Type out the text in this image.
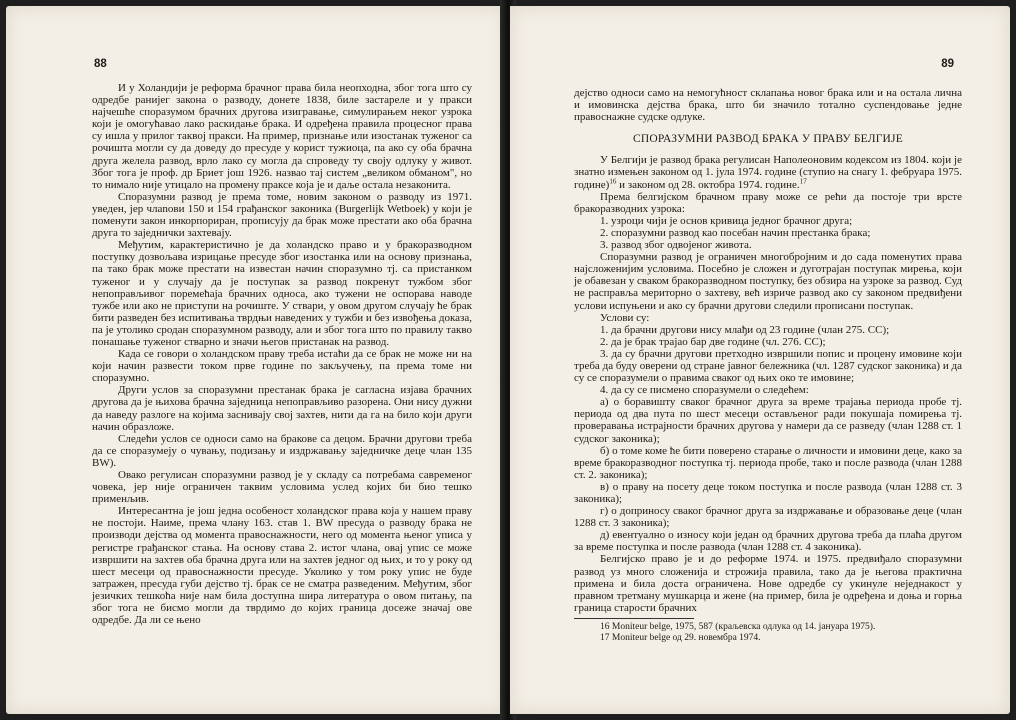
88

И у Холандији је реформа брачног права била неопходна, због тога што су одредбе ранијег закона о разводу, донете 1838, биле застареле и у пракси најчешће споразумом брачних другова изигравање, симулирањем неког узрока који је омогућавао лако раскидање брака. И одређена правила процесног права су ишла у прилог таквој пракси. На пример, признање или изостанак туженог са рочишта могли су да доведу до пресуде у корист тужиоца, па ако су оба брачна друга желела развод, врло лако су могла да спроведу ту своју одлуку у живот. Због тога је проф. др Бриет још 1926. назвао тај систем „великом обманом", но то нимало није утицало на промену праксе која је и даље остала незаконита.

Споразумни развод је према томе, новим законом о разводу из 1971. уведен, јер члanови 150 и 154 грађанског законика (Burgerlijk Wetboek) у који је поменути закон инкорпориран, прописују да брак може престати ако оба брачна друга то заједнички захтевају.

Међутим, карактеристично је да холандско право и у бракоразводном поступку дозвољава изрицање пресуде због изостанка или на основу признања, па тако брак може престати на известан начин споразумно тј. са пристанком туженог и у случају да је поступак за развод покренут тужбом због непоправљивог поремећаја брачних односа, ако тужени не оспорава наводе тужбе или ако не приступи на рочиште. У ствари, у овом другом случају ће брак бити разведен без испитивања тврдњи наведених у тужби и без извођења доказа, па је утолико сродан споразумном разводу, али и због тога што по правилу такво понашање туженог стварно и значи његов пристанак на развод.

Када се говори о холандском праву треба истаћи да се брак не може ни на који начин развести током прве године по закључењу, па према томе ни споразумно.

Други услов за споразумни престанак брака је сагласна изјава брачних другова да је њихова брачна заједница непоправљиво разорена. Они нису дужни да наведу разлоге на којима заснивају свој захтев, нити да га на било који други начин образложе.

Следећи услов се односи само на бракове са децом. Брачни другови треба да се споразумеју о чувању, подизању и издржавању заједничке деце члан 135 BW).

Овако регулисан споразумни развод је у складу са потребама савременог човека, јер није ограничен таквим условима услед којих би био тешко применљив.

Интересантна је још једна особеност холандског права која у нашем праву не постоји. Наиме, према члану 163. став 1. BW пресуда о разводу брака не производи дејства од момента правоснажности, него од момента њеног уписа у регистре грађанског стања. На основу става 2. истог члана, овај упис се може извршити на захтев оба брачна друга или на захтев једног од њих, и то у року од шест месеци од правоснажности пресуде. Уколико у том року упис не буде затражен, пресуда губи дејство тј. брак се не сматра разведеним. Међутим, због језичких тешкоћа није нам била доступна шира литература о овом питању, па због тога не бисмо могли да тврдимо до којих граница досеже значај ове одредбе. Да ли се њено

89

дејство односи само на немогућност склапања новог брака или и на остала лична и имовинска дејства брака, што би значило тотално суспендовање једне правоснажне судске одлуке.

СПОРАЗУМНИ РАЗВОД БРАКА У ПРАВУ БЕЛГИЈЕ

У Белгији је развод брака регулисан Наполеоновим кодексом из 1804. који је знатно измењен законом од 1. јула 1974. године (ступио на снагу 1. фебруара 1975. године)$^{16}$ и законом од 28. октобра 1974. године.$^{17}$

Према белгијском брачном праву може се рећи да постоје три врсте бракоразводних узрока:

1. узроци чији је основ кривица једног брачног друга;

2. споразумни развод као посебан начин престанка брака;

3. развод због одвојеног живота.

Споразумни развод је ограничен многобројним и до сада поменутих права најсложенијим условима. Посебно је сложен и дуготрајан поступак мирења, који је обавезан у сваком бракоразводном поступку, без обзира на узроке за развод. Суд не расправља мериторно о захтеву, већ изриче развод ако су законом предвиђени услови испуњени и ако су брачни другови следили прописани поступак.

Услови су:

1. да брачни другови нису млађи од 23 године (члан 275. СС);

2. да је брак трајао бар две године (чл. 276. СС);

3. да су брачни другови претходно извршили попис и процену имовине који треба да буду оверени од стране јавног бележника (чл. 1287 судског законика) и да су се споразумели о правима сваког од њих око те имовине;

4. да су се писмено споразумели о следећем:

а) о боравишту сваког брачног друга за време трајања периода пробе тј. периода од два пута по шест месеци остављеног ради покушаја помирења тј. проверавања истрајности брачних другова у намери да се разведу (члан 1288 ст. 1 судског законика);

б) о томе коме ће бити поверено старање о личности и имовини деце, како за време бракоразводног поступка тј. периода пробе, тако и после развода (члан 1288 ст. 2. законика);

в) о праву на посету деце током поступка и после развода (члан 1288 ст. 3 законика);

г) о доприносу сваког брачног друга за издржавање и образовање деце (члан 1288 ст. 3 законика);

д) евентуално о износу који један од брачних другова треба да плаћа другом за време поступка и после развода (члан 1288 ст. 4 законика).

Белгијско право је и до реформе 1974. и 1975. предвиђало споразумни развод уз много сложенија и строжија правила, тако да је његова практична примена и била доста ограничена. Нове одредбе су укинуле неједнакост у правном третману мушкарца и жене (на пример, била је одређена и доња и горња граница старости брачних

16 Moniteur belge, 1975, 587 (краљевска одлука од 14. јануара 1975).

17 Moniteur belge од 29. новембра 1974.
